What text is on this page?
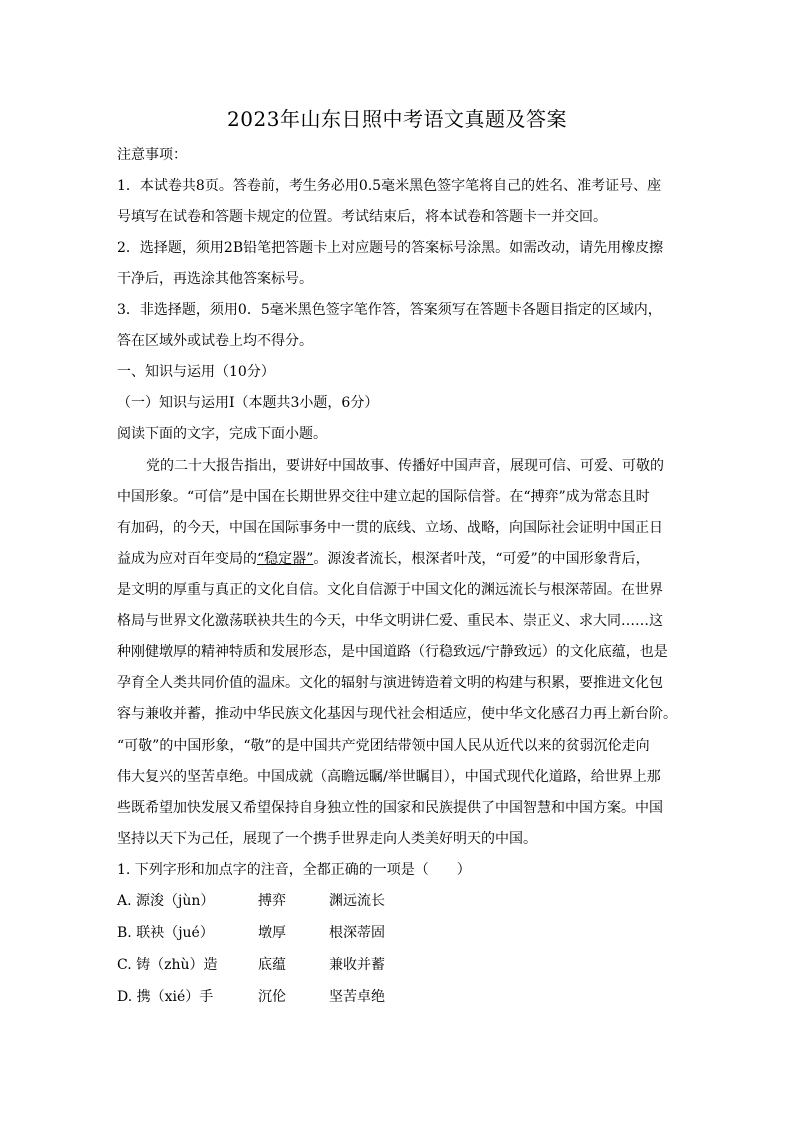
2023年山东日照中考语文真题及答案
注意事项：
1．本试卷共8页。答卷前，考生务必用0.5毫米黑色签字笔将自己的姓名、准考证号、座
号填写在试卷和答题卡规定的位置。考试结束后，将本试卷和答题卡一并交回。
2．选择题，须用2B铅笔把答题卡上对应题号的答案标号涂黑。如需改动，请先用橡皮擦
干净后，再选涂其他答案标号。
3．非选择题，须用0．5毫米黑色签字笔作答，答案须写在答题卡各题目指定的区域内，
答在区域外或试卷上均不得分。
一、知识与运用（10分）
（一）知识与运用Ⅰ（本题共3小题，6分）
阅读下面的文字，完成下面小题。
党的二十大报告指出，要讲好中国故事、传播好中国声音，展现可信、可爱、可敬的
中国形象。“可信”是中国在长期世界交往中建立起的国际信誉。在“搏弈”成为常态且时
有加码，的今天，中国在国际事务中一贯的底线、立场、战略，向国际社会证明中国正日
益成为应对百年变局的“稳定器”。源浚者流长，根深者叶茂，“可爱”的中国形象背后，
是文明的厚重与真正的文化自信。文化自信源于中国文化的渊远流长与根深蒂固。在世界
格局与世界文化激荡联袂共生的今天，中华文明讲仁爱、重民本、崇正义、求大同……这
种刚健墩厚的精神特质和发展形态，是中国道路（行稳致远/宁静致远）的文化底蕴，也是
孕育全人类共同价值的温床。文化的辐射与演进铸造着文明的构建与积累，要推进文化包
容与兼收并蓄，推动中华民族文化基因与现代社会相适应，使中华文化感召力再上新台阶。
“可敬”的中国形象，“敬”的是中国共产党团结带领中国人民从近代以来的贫弱沉伦走向
伟大复兴的坚苦卓绝。中国成就（高瞻远瞩/举世瞩目），中国式现代化道路，给世界上那
些既希望加快发展又希望保持自身独立性的国家和民族提供了中国智慧和中国方案。中国
坚持以天下为己任，展现了一个携手世界走向人类美好明天的中国。
1. 下列字形和加点字的注音，全都正确的一项是（　　）
A. 源浚（jùn）	搏弈	渊远流长
B. 联袂（jué）	墩厚	根深蒂固
C. 铸（zhù）造	底蕴	兼收并蓄
D. 携（xié）手	沉伦	坚苦卓绝
